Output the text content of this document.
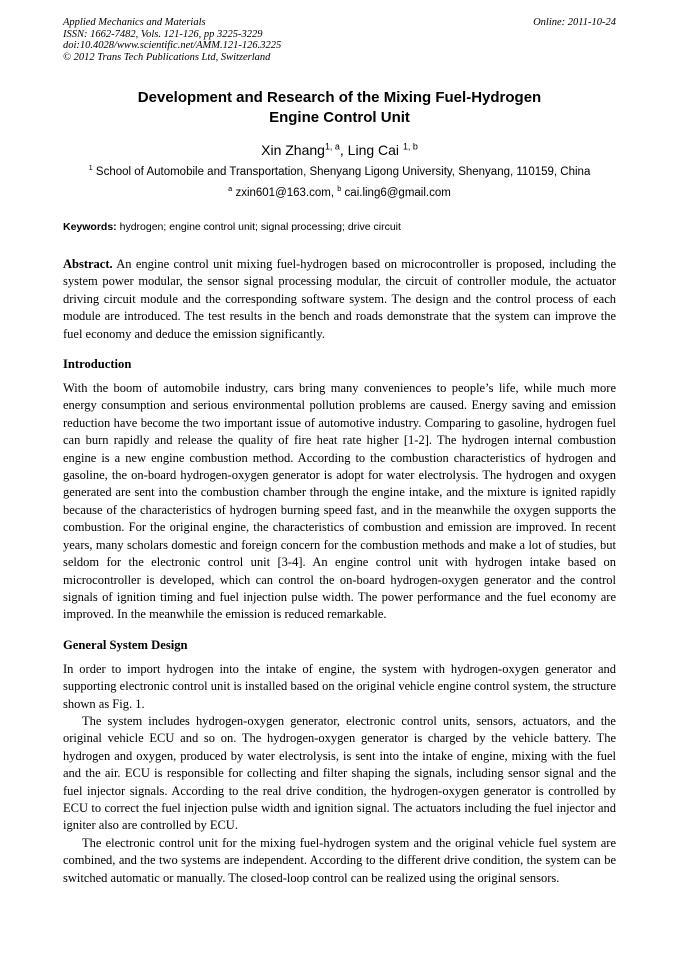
Applied Mechanics and Materials
ISSN: 1662-7482, Vols. 121-126, pp 3225-3229
doi:10.4028/www.scientific.net/AMM.121-126.3225
© 2012 Trans Tech Publications Ltd, Switzerland
Online: 2011-10-24
Development and Research of the Mixing Fuel-Hydrogen
Engine Control Unit
Xin Zhang$^{1, a}$, Ling Cai $^{1, b}$
$^1$ School of Automobile and Transportation, Shenyang Ligong University, Shenyang, 110159, China
$^a$ zxin601@163.com, $^b$ cai.ling6@gmail.com
Keywords: hydrogen; engine control unit; signal processing; drive circuit

Abstract. An engine control unit mixing fuel-hydrogen based on microcontroller is proposed, including the system power modular, the sensor signal processing modular, the circuit of controller module, the actuator driving circuit module and the corresponding software system. The design and the control process of each module are introduced. The test results in the bench and roads demonstrate that the system can improve the fuel economy and deduce the emission significantly.

Introduction

With the boom of automobile industry, cars bring many conveniences to people’s life, while much more energy consumption and serious environmental pollution problems are caused. Energy saving and emission reduction have become the two important issue of automotive industry. Comparing to gasoline, hydrogen fuel can burn rapidly and release the quality of fire heat rate higher [1-2]. The hydrogen internal combustion engine is a new engine combustion method. According to the combustion characteristics of hydrogen and gasoline, the on-board hydrogen-oxygen generator is adopt for water electrolysis. The hydrogen and oxygen generated are sent into the combustion chamber through the engine intake, and the mixture is ignited rapidly because of the characteristics of hydrogen burning speed fast, and in the meanwhile the oxygen supports the combustion. For the original engine, the characteristics of combustion and emission are improved. In recent years, many scholars domestic and foreign concern for the combustion methods and make a lot of studies, but seldom for the electronic control unit [3-4]. An engine control unit with hydrogen intake based on microcontroller is developed, which can control the on-board hydrogen-oxygen generator and the control signals of ignition timing and fuel injection pulse width. The power performance and the fuel economy are improved. In the meanwhile the emission is reduced remarkable.

General System Design

In order to import hydrogen into the intake of engine, the system with hydrogen-oxygen generator and supporting electronic control unit is installed based on the original vehicle engine control system, the structure shown as Fig. 1.

The system includes hydrogen-oxygen generator, electronic control units, sensors, actuators, and the original vehicle ECU and so on. The hydrogen-oxygen generator is charged by the vehicle battery. The hydrogen and oxygen, produced by water electrolysis, is sent into the intake of engine, mixing with the fuel and the air. ECU is responsible for collecting and filter shaping the signals, including sensor signal and the fuel injector signals. According to the real drive condition, the hydrogen-oxygen generator is controlled by ECU to correct the fuel injection pulse width and ignition signal. The actuators including the fuel injector and igniter also are controlled by ECU.

The electronic control unit for the mixing fuel-hydrogen system and the original vehicle fuel system are combined, and the two systems are independent. According to the different drive condition, the system can be switched automatic or manually. The closed-loop control can be realized using the original sensors.
